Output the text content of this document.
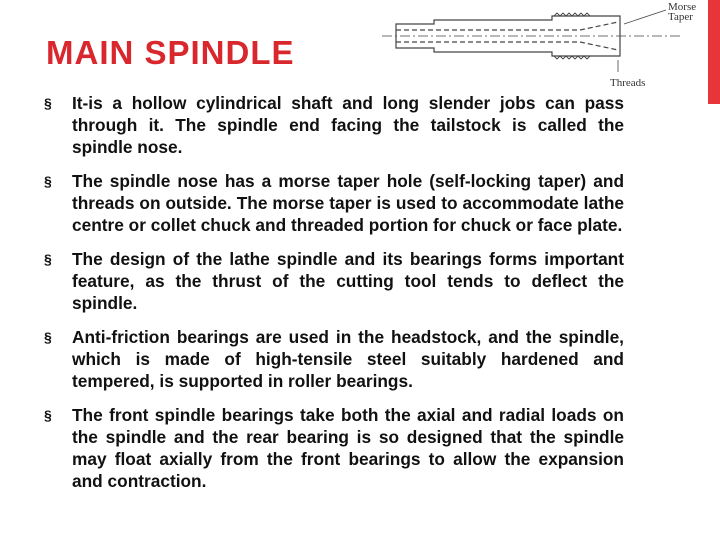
Morse
Taper
Threads
MAIN SPINDLE
§ It-is a hollow cylindrical shaft and long slender jobs can pass through it. The spindle end facing the tailstock is called the spindle nose.
§ The spindle nose has a morse taper hole (self-locking taper) and threads on outside. The morse taper is used to accommodate lathe centre or collet chuck and threaded portion for chuck or face plate.
§ The design of the lathe spindle and its bearings forms important feature, as the thrust of the cutting tool tends to deflect the spindle.
§ Anti-friction bearings are used in the headstock, and the spindle, which is made of high-tensile steel suitably hardened and tempered, is supported in roller bearings.
§ The front spindle bearings take both the axial and radial loads on the spindle and the rear bearing is so designed that the spindle may float axially from the front bearings to allow the expansion and contraction.
